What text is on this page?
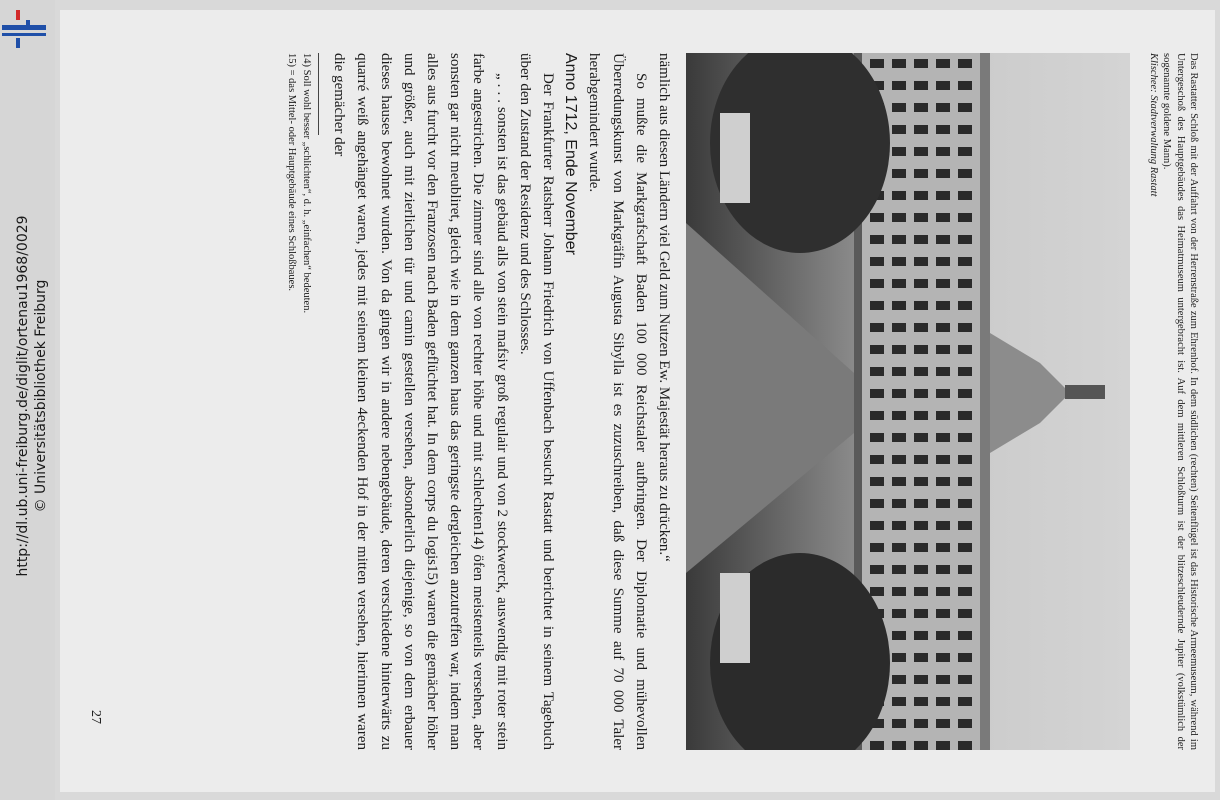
http://dl.ub.uni-freiburg.de/diglit/ortenau1968/0029 © Universitätsbibliothek Freiburg	Das Rastatter Schloß mit der Auffahrt von der Herrenstraße zum Ehrenhof. In dem südlichen (rechten) Seitenflügel ist das Historische Armeemuseum, während im Untergeschoß des Hauptgebäudes das Heimatmuseum untergebracht ist. Auf dem mittleren Schloßturm ist der blitzeschleudernde Jupiter (volkstümlich der sogenannte goldene Mann).

Klischee: Stadtverwaltung Rastatt

nämlich aus diesen Ländern viel Geld zum Nutzen Ew. Majestät heraus zu drücken.“

So mußte die Markgrafschaft Baden 100 000 Reichstaler aufbringen. Der Diplomatie und mühevollen Überredungskunst von Markgräfin Augusta Sibylla ist es zuzuschreiben, daß diese Summe auf 70 000 Taler herabgemindert wurde.

Anno 1712, Ende November

Der Frankfurter Ratsherr Johann Friedrich von Uffenbach besucht Rastatt und berichtet in seinem Tagebuch über den Zustand der Residenz und des Schlosses.

„ . . . sonsten ist das gebäud alls von stein mafsiv groß regulair und von 2 stockwerck, auswendig mit roter stein farbe angestrichen. Die zimmer sind alle von rechter höhe und mit schlechten14) öfen meistenteils versehen, aber sonsten gar nicht meubliret, gleich wie in dem ganzen haus das geringste dergleichen anzutreffen war, indem man alles aus furcht vor den Franzosen nach Baden geflüchtet hat. In dem corps du logis15) waren die gemächer höher und größer, auch mit zierlichen tür und camin gestellen versehen, absonderlich diejenige, so von dem erbauer dieses hauses bewohnet wurden. Von da gingen wir in andere nebengebäude, deren verschiedene hinterwärts zu quarré weiß angehänget waren, jedes mit seinem kleinen 4eckenden Hof in der mitten versehen, hierinnen waren die gemächer der

14) Soll wohl besser „schlichten“, d. h. „einfachen“ bedeuten.

15) = das Mittel- oder Hauptgebäude eines Schloßbaues.

27
